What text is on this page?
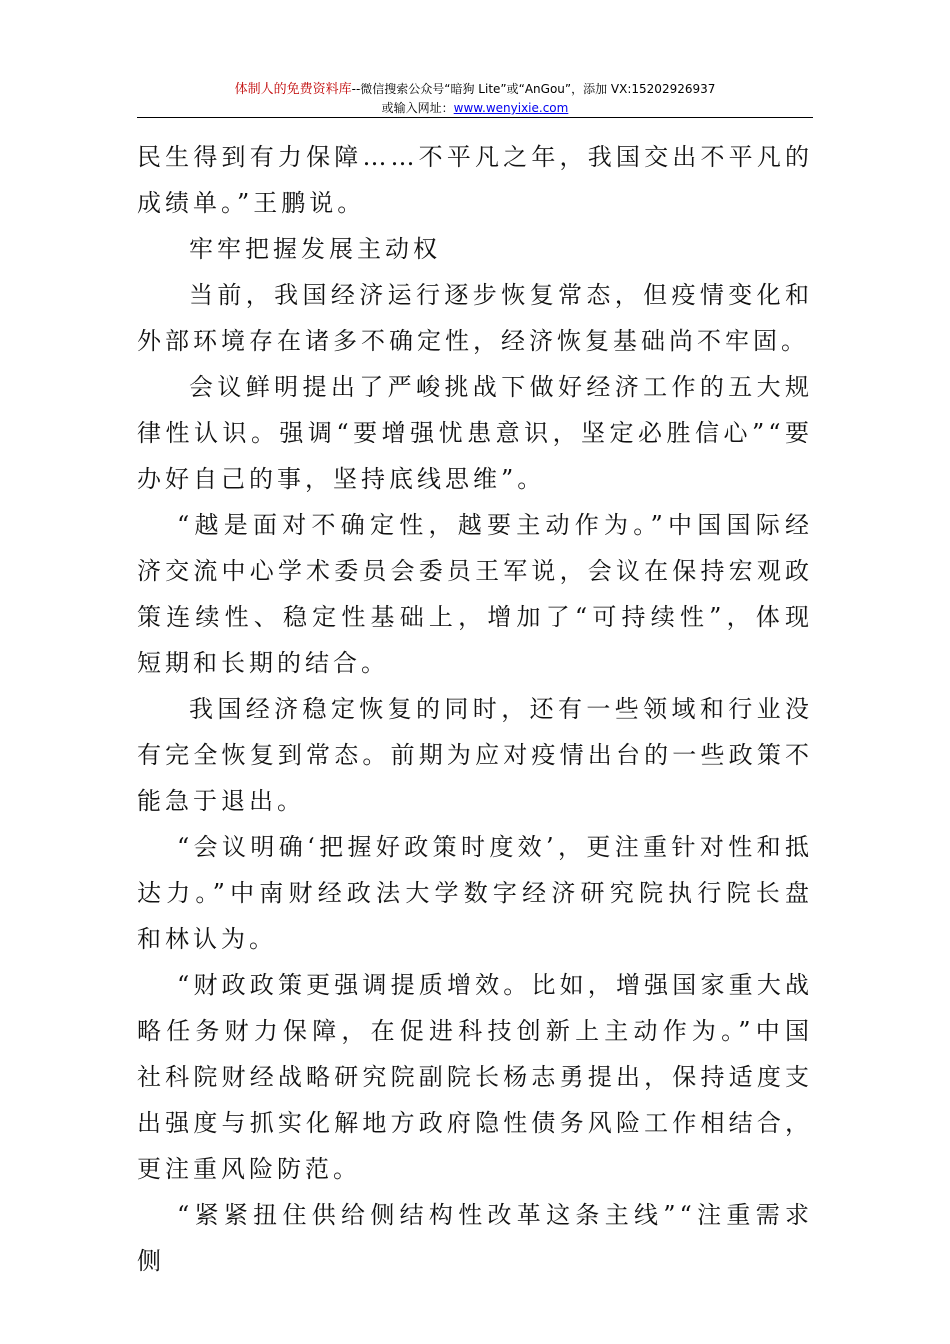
体制人的免费资料库--微信搜索公众号“暗狗 Lite”或“AnGou”，添加 VX:15202926937
或输入网址：www.wenyixie.com

民生得到有力保障……不平凡之年，我国交出不平凡的成绩单。”王鹏说。

牢牢把握发展主动权

当前，我国经济运行逐步恢复常态，但疫情变化和外部环境存在诸多不确定性，经济恢复基础尚不牢固。

会议鲜明提出了严峻挑战下做好经济工作的五大规律性认识。强调“要增强忧患意识，坚定必胜信心”“要办好自己的事，坚持底线思维”。

“越是面对不确定性，越要主动作为。”中国国际经济交流中心学术委员会委员王军说，会议在保持宏观政策连续性、稳定性基础上，增加了“可持续性”，体现短期和长期的结合。

我国经济稳定恢复的同时，还有一些领域和行业没有完全恢复到常态。前期为应对疫情出台的一些政策不能急于退出。

“会议明确‘把握好政策时度效’，更注重针对性和抵达力。”中南财经政法大学数字经济研究院执行院长盘和林认为。

“财政政策更强调提质增效。比如，增强国家重大战略任务财力保障，在促进科技创新上主动作为。”中国社科院财经战略研究院副院长杨志勇提出，保持适度支出强度与抓实化解地方政府隐性债务风险工作相结合，更注重风险防范。

“紧紧扭住供给侧结构性改革这条主线”“注重需求侧
